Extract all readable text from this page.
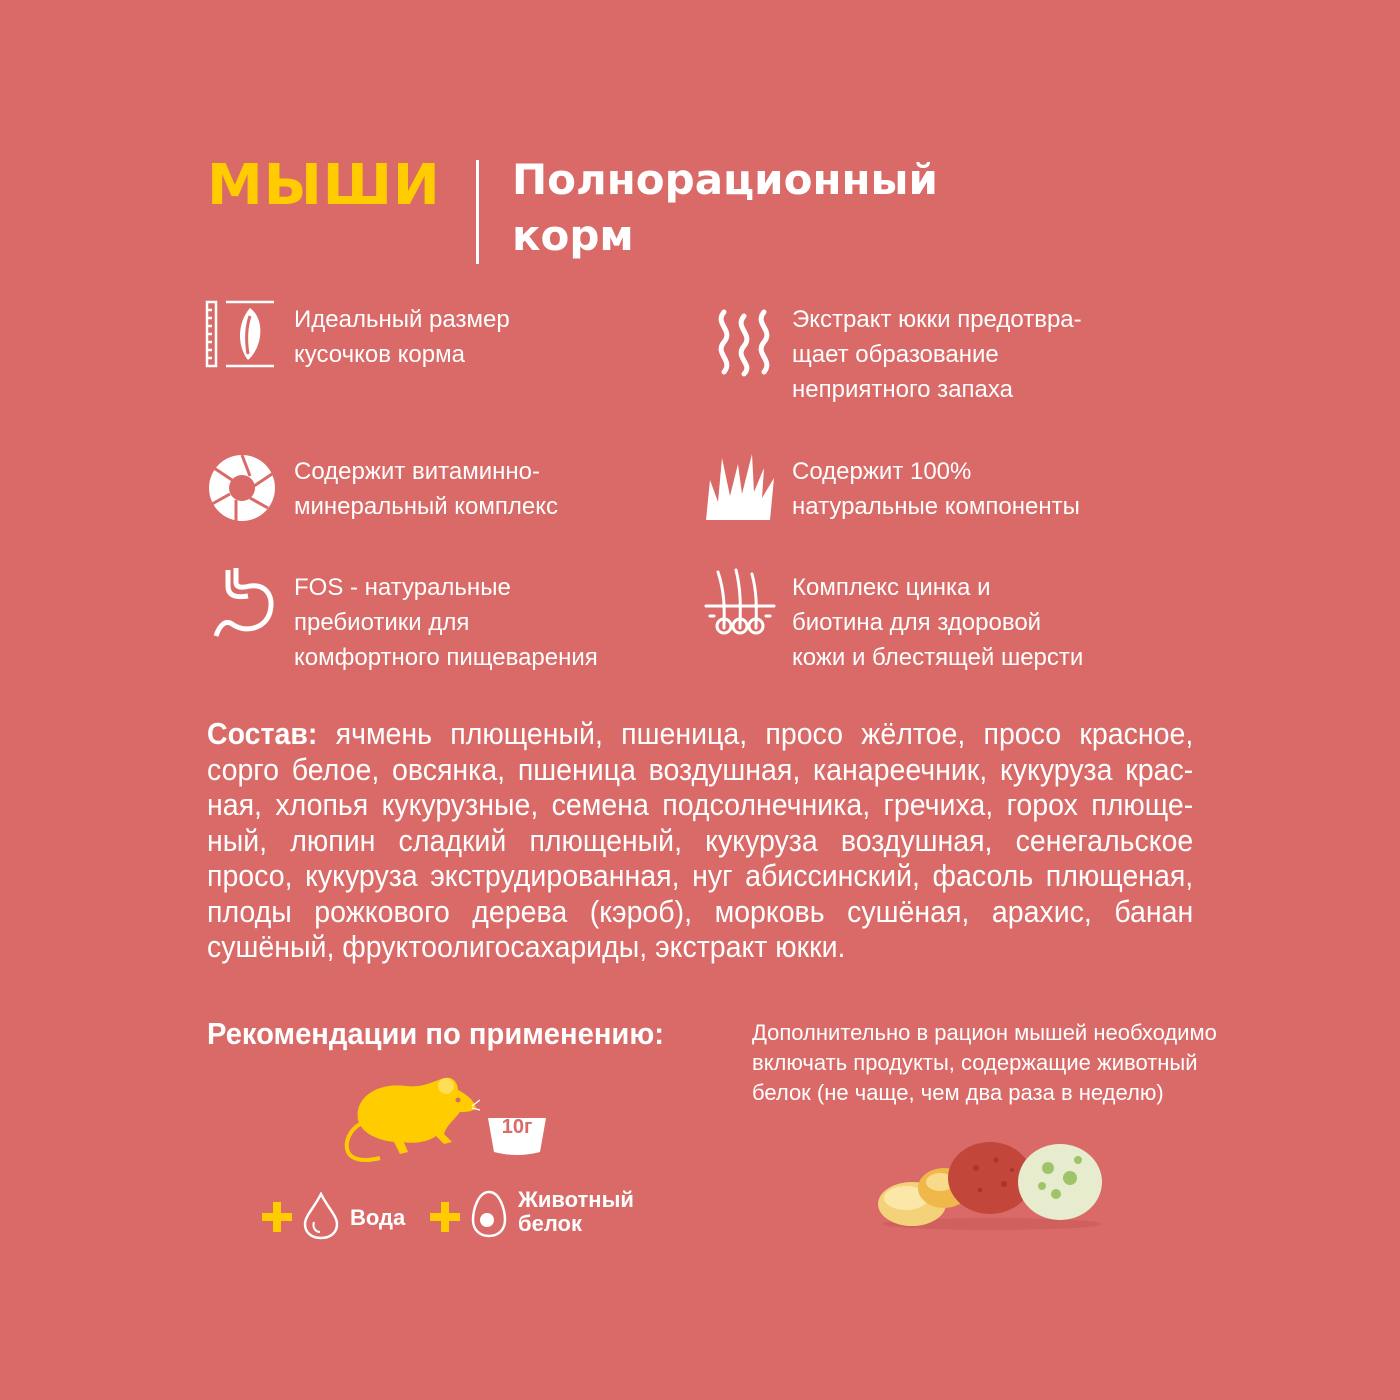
МЫШИ Полнорационный корм
Идеальный размер
кусочков корма
Экстракт юкки предотвра-
щает образование
неприятного запаха
Содержит витаминно-
минеральный комплекс
Содержит 100%
натуральные компоненты
FOS - натуральные
пребиотики для
комфортного пищеварения
Комплекс цинка и
биотина для здоровой
кожи и блестящей шерсти
Состав: ячмень плющеный, пшеница, просо жёлтое, просо красное, сорго белое, овсянка, пшеница воздушная, канареечник, кукуруза красная, хлопья кукурузные, семена подсолнечника, гречиха, горох плющеный, люпин сладкий плющеный, кукуруза воздушная, сенегальское просо, кукуруза экструдированная, нуг абиссинский, фасоль плющеная, плоды рожкового дерева (кэроб), морковь сушёная, арахис, банан сушёный, фруктоолигосахариды, экстракт юкки.
Рекомендации по применению:
10г
Вода
Животный
белок
Дополнительно в рацион мышей необходимо
включать продукты, содержащие животный
белок (не чаще, чем два раза в неделю)
